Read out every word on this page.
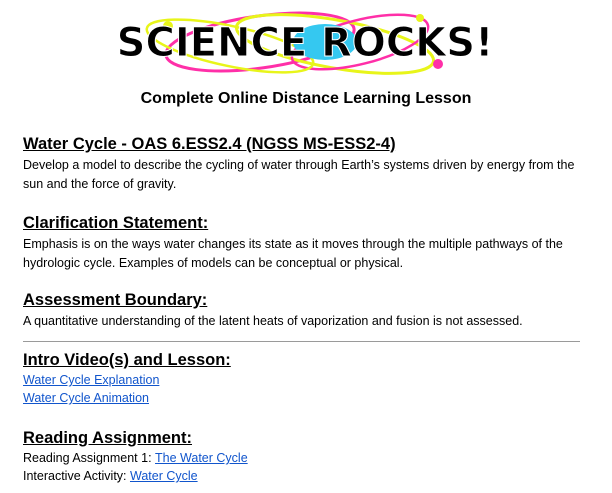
SCIENCE ROCKS!
Complete Online Distance Learning Lesson
Water Cycle - OAS 6.ESS2.4 (NGSS MS-ESS2-4)
Develop a model to describe the cycling of water through Earth’s systems driven by energy from the sun and the force of gravity.
Clarification Statement:
Emphasis is on the ways water changes its state as it moves through the multiple pathways of the hydrologic cycle. Examples of models can be conceptual or physical.
Assessment Boundary:
A quantitative understanding of the latent heats of vaporization and fusion is not assessed.
Intro Video(s) and Lesson:
Water Cycle Explanation
Water Cycle Animation
Reading Assignment:
Reading Assignment 1: The Water Cycle
Interactive Activity: Water Cycle
